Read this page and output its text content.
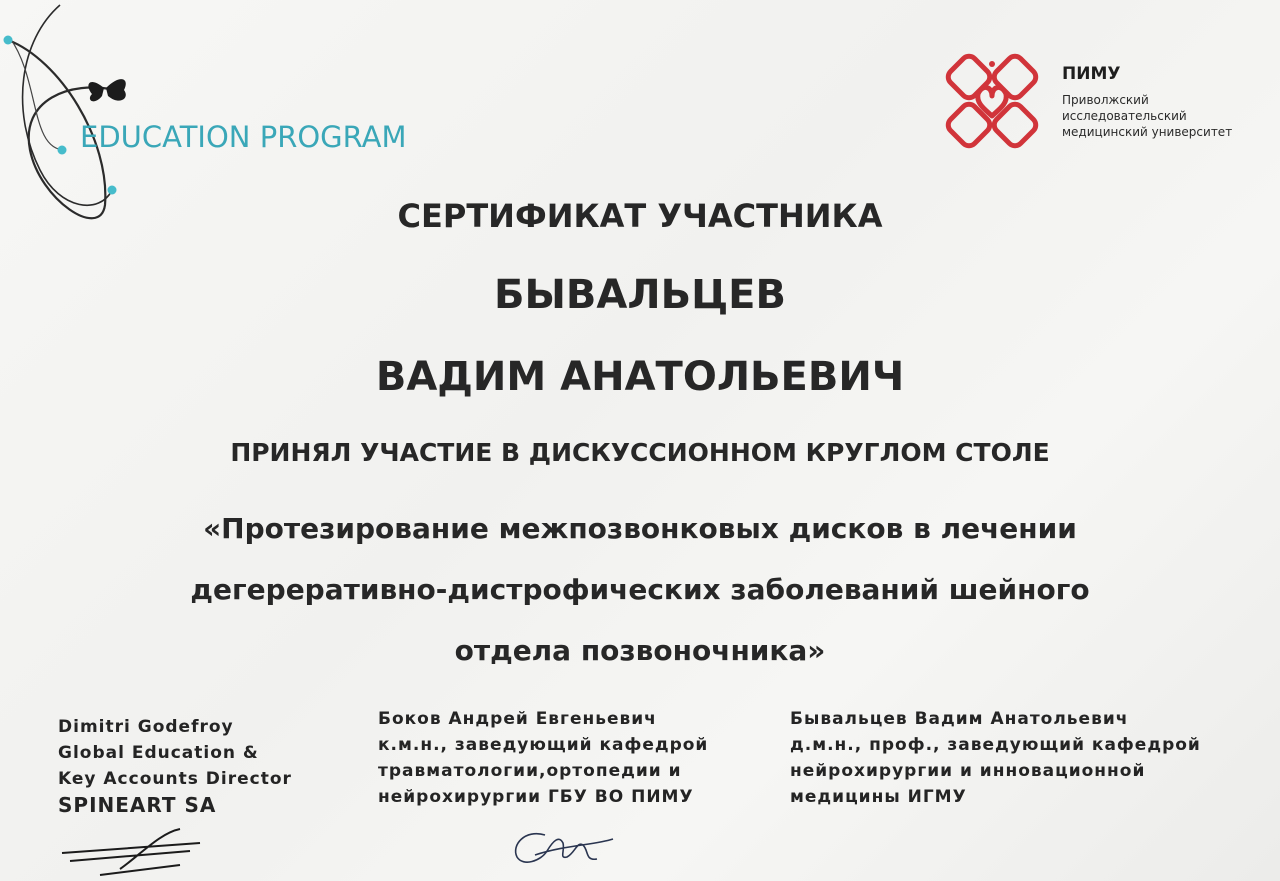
EDUCATION PROGRAM
ПИМУ
Приволжский
исследовательский
медицинский университет
СЕРТИФИКАТ УЧАСТНИКА
БЫВАЛЬЦЕВ
ВАДИМ АНАТОЛЬЕВИЧ
ПРИНЯЛ УЧАСТИЕ В ДИСКУССИОННОМ КРУГЛОМ СТОЛЕ
«Протезирование межпозвонковых дисков в лечении
дегереративно-дистрофических заболеваний шейного
отдела позвоночника»
Dimitri Godefroy
Global Education &
Key Accounts Director
SPINEART SA
Боков Андрей Евгеньевич
к.м.н., заведующий кафедрой
травматологии,ортопедии и
нейрохирургии ГБУ ВО ПИМУ
Бывальцев Вадим Анатольевич
д.м.н., проф., заведующий кафедрой
нейрохирургии и инновационной
медицины ИГМУ
